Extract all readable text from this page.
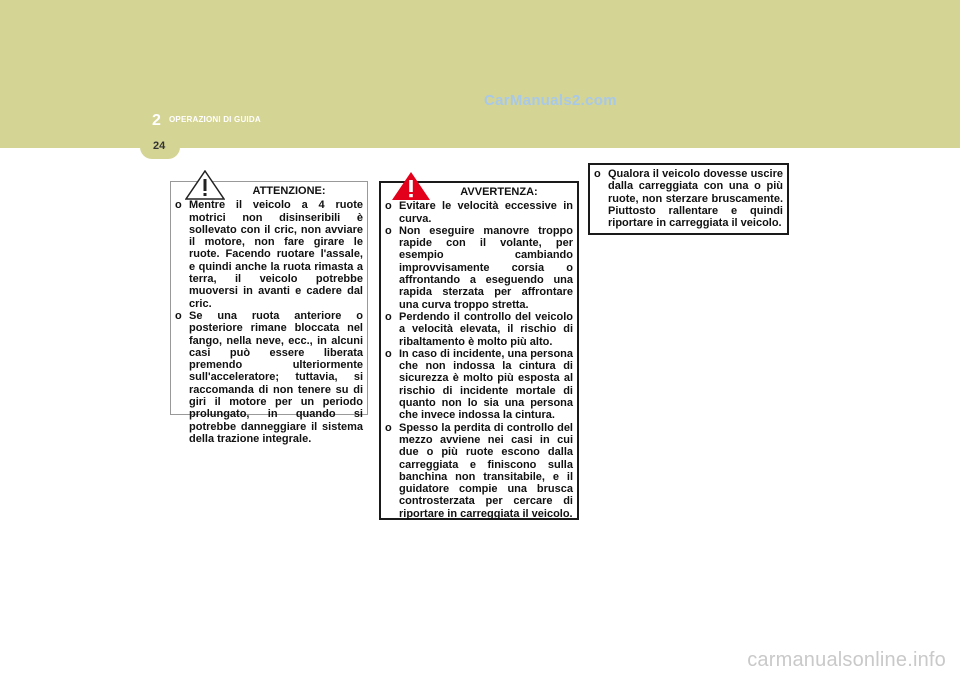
2 OPERAZIONI DI GUIDA
24
CarManuals2.com
ATTENZIONE:
o Mentre il veicolo a 4 ruote motrici non disinseribili è sollevato con il cric, non avviare il motore, non fare girare le ruote. Facendo ruotare l'assale, e quindi anche la ruota rimasta a terra, il veicolo potrebbe muoversi in avanti e cadere dal cric.
o Se una ruota anteriore o posteriore rimane bloccata nel fango, nella neve, ecc., in alcuni casi può essere liberata premendo ulteriormente sull'acceleratore; tuttavia, si raccomanda di non tenere su di giri il motore per un periodo prolungato, in quando si potrebbe danneggiare il sistema della trazione integrale.
AVVERTENZA:
o Evitare le velocità eccessive in curva.
o Non eseguire manovre troppo rapide con il volante, per esempio cambiando improvvisamente corsia o affrontando a eseguendo una rapida sterzata per affrontare una curva troppo stretta.
o Perdendo il controllo del veicolo a velocità elevata, il rischio di ribaltamento è molto più alto.
o In caso di incidente, una persona che non indossa la cintura di sicurezza è molto più esposta al rischio di incidente mortale di quanto non lo sia una persona che invece indossa la cintura.
o Spesso la perdita di controllo del mezzo avviene nei casi in cui due o più ruote escono dalla carreggiata e finiscono sulla banchina non transitabile, e il guidatore compie una brusca controsterzata per cercare di riportare in carreggiata il veicolo.
o Qualora il veicolo dovesse uscire dalla carreggiata con una o più ruote, non sterzare bruscamente. Piuttosto rallentare e quindi riportare in carreggiata il veicolo.
carmanualsonline.info
